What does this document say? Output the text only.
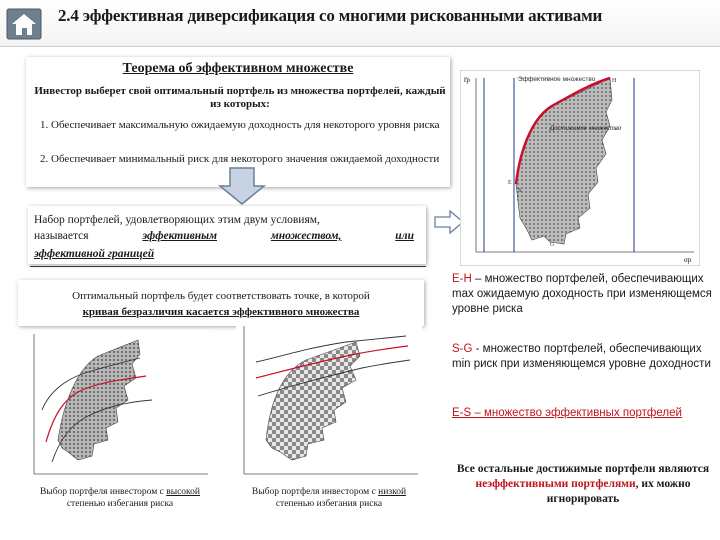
2.4 эффективная диверсификация со многими рискованными активами
Теорема об эффективном множестве
Инвестор выберет свой оптимальный портфель из множества портфелей, каждый из которых:
1. Обеспечивает максимальную ожидаемую доходность для некоторого уровня риска
2. Обеспечивает минимальный риск для некоторого значения ожидаемой доходности
Набор портфелей, удовлетворяющих этим двум условиям,
называется	эффективным	множеством,	или
эффективной границей
Оптимальный портфель будет соответствовать точке, в которой
кривая безразличия касается эффективного множества
r̄p
σp
Эффективное множество
Достижимое множество
H
E
S
G
Выбор портфеля инвестором с высокой степенью избегания риска
Выбор портфеля инвестором с низкой степенью избегания риска
E-H – множество портфелей, обеспечивающих max ожидаемую доходность при изменяющемся уровне риска
S-G - множество портфелей, обеспечивающих min риск при изменяющемся уровне доходности
E-S – множество эффективных портфелей
Все остальные достижимые портфели являются неэффективными портфелями, их можно игнорировать
